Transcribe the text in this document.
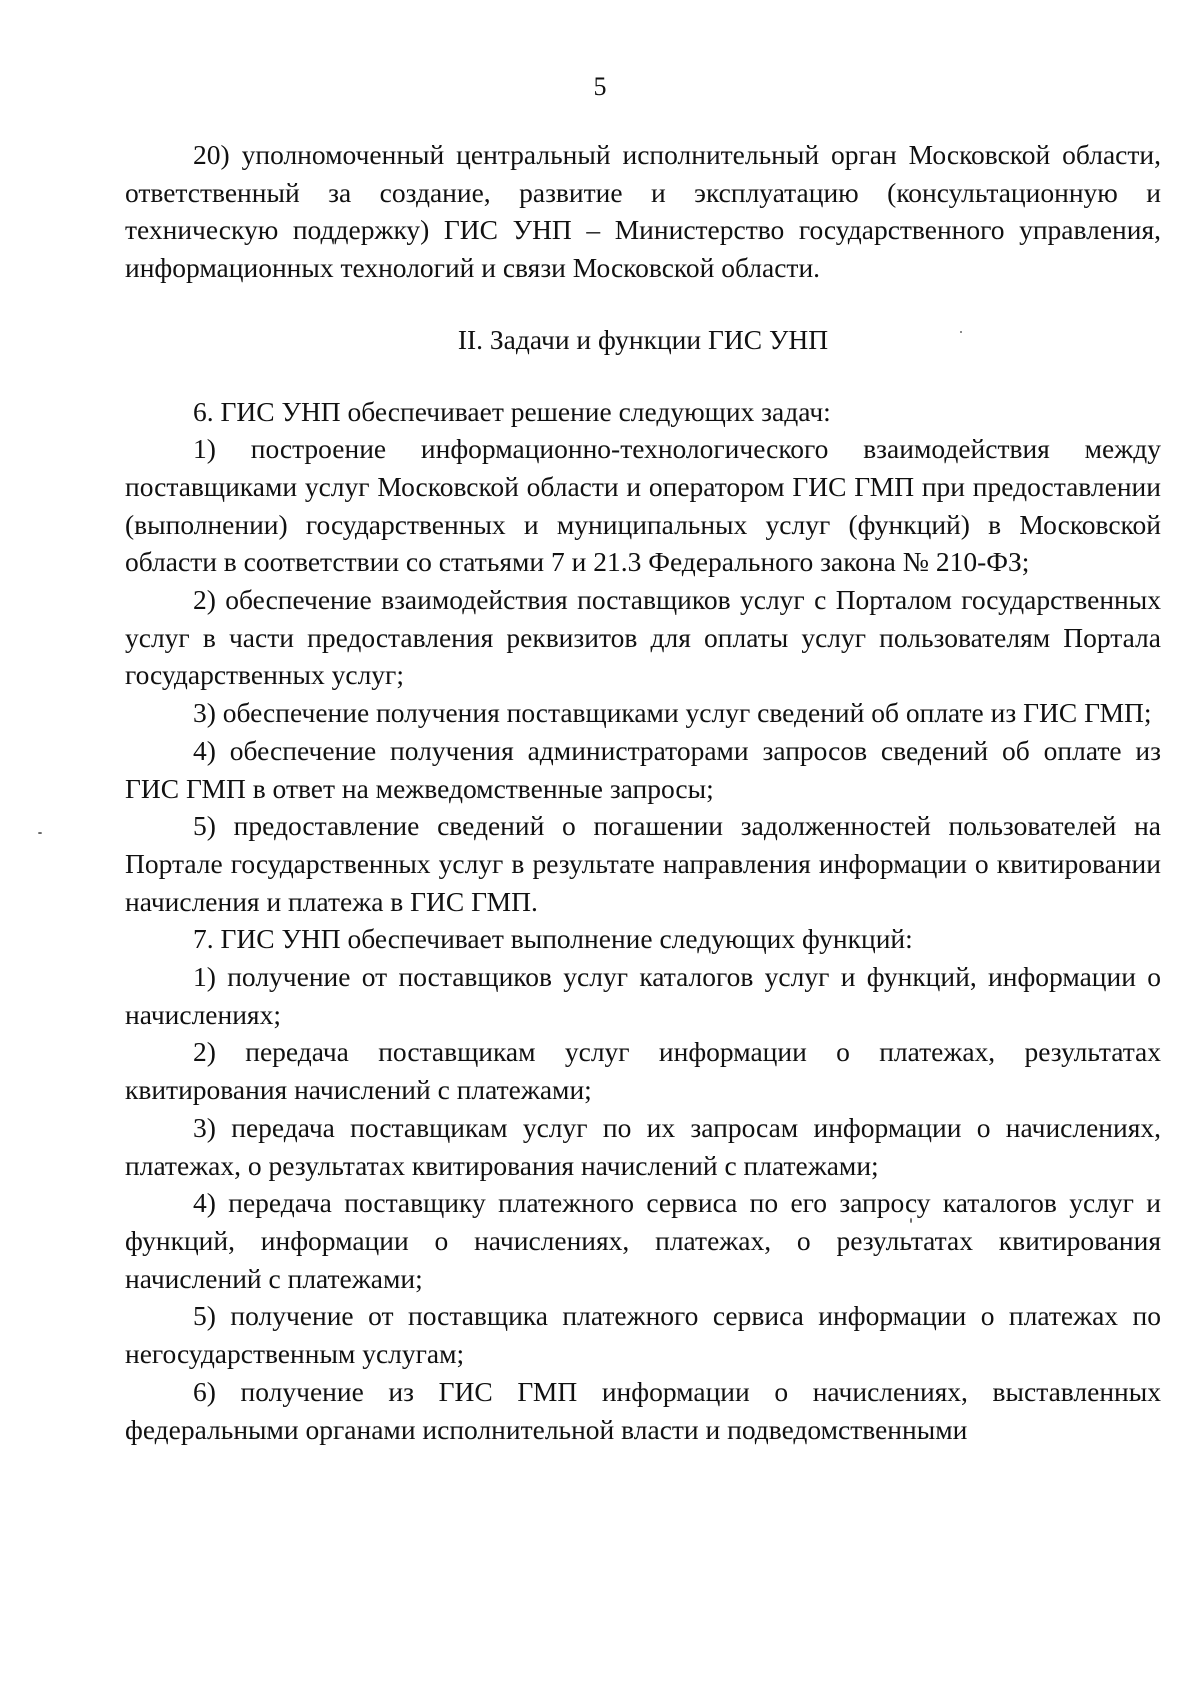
5

20) уполномоченный центральный исполнительный орган Московской области, ответственный за создание, развитие и эксплуатацию (консультационную и техническую поддержку) ГИС УНП – Министерство государственного управления, информационных технологий и связи Московской области.

II. Задачи и функции ГИС УНП

6. ГИС УНП обеспечивает решение следующих задач:

1) построение информационно-технологического взаимодействия между поставщиками услуг Московской области и оператором ГИС ГМП при предоставлении (выполнении) государственных и муниципальных услуг (функций) в Московской области в соответствии со статьями 7 и 21.3 Федерального закона № 210-ФЗ;

2) обеспечение взаимодействия поставщиков услуг с Порталом государственных услуг в части предоставления реквизитов для оплаты услуг пользователям Портала государственных услуг;

3) обеспечение получения поставщиками услуг сведений об оплате из ГИС ГМП;

4) обеспечение получения администраторами запросов сведений об оплате из ГИС ГМП в ответ на межведомственные запросы;

5) предоставление сведений о погашении задолженностей пользователей на Портале государственных услуг в результате направления информации о квитировании начисления и платежа в ГИС ГМП.

7. ГИС УНП обеспечивает выполнение следующих функций:

1) получение от поставщиков услуг каталогов услуг и функций, информации о начислениях;

2) передача поставщикам услуг информации о платежах, результатах квитирования начислений с платежами;

3) передача поставщикам услуг по их запросам информации о начислениях, платежах, о результатах квитирования начислений с платежами;

4) передача поставщику платежного сервиса по его запросу каталогов услуг и функций, информации о начислениях, платежах, о результатах квитирования начислений с платежами;

5) получение от поставщика платежного сервиса информации о платежах по негосударственным услугам;

6) получение из ГИС ГМП информации о начислениях, выставленных федеральными органами исполнительной власти и подведомственными
